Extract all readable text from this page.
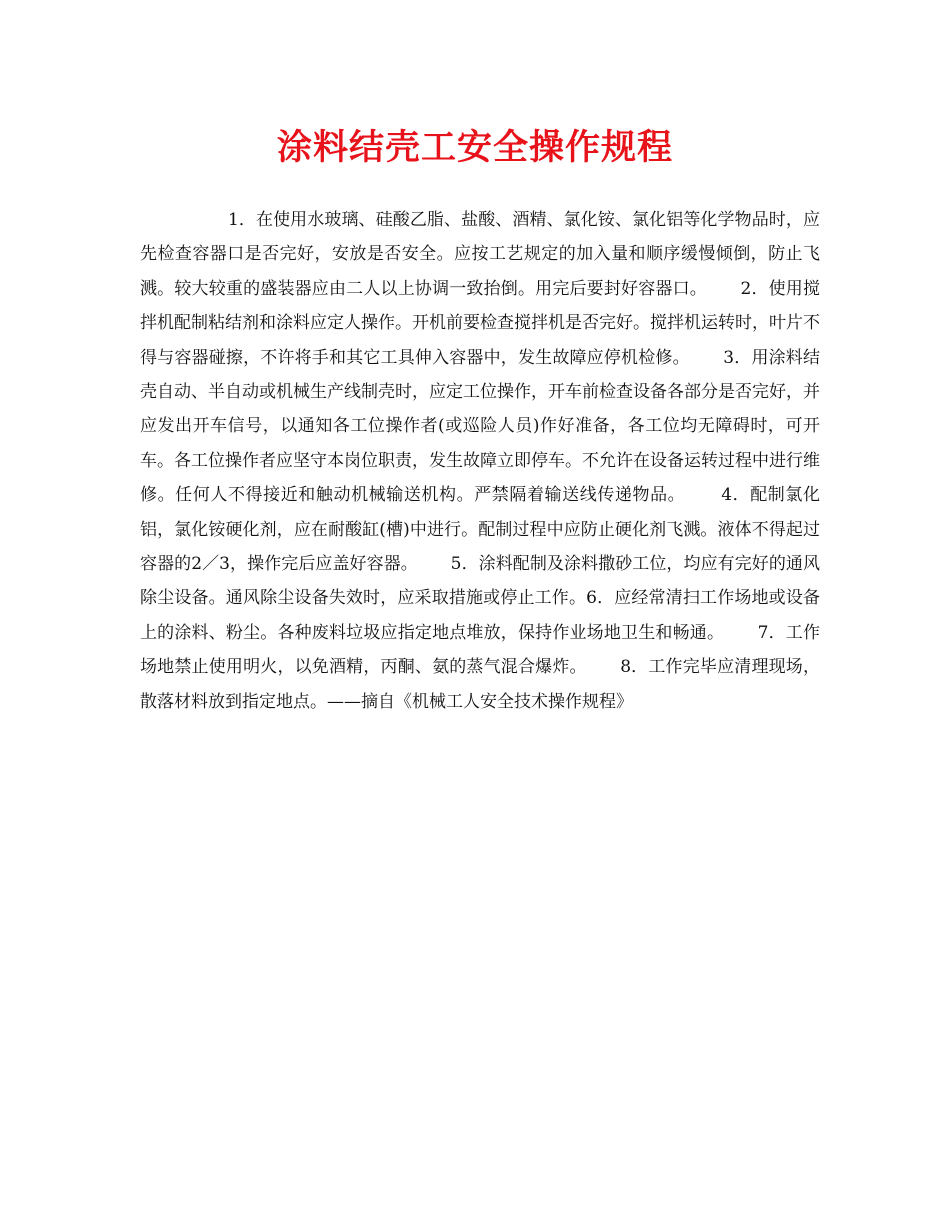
涂料结壳工安全操作规程

1．在使用水玻璃、硅酸乙脂、盐酸、酒精、氯化铵、氯化铝等化学物品时，应先检查容器口是否完好，安放是否安全。应按工艺规定的加入量和顺序缓慢倾倒，防止飞溅。较大较重的盛装器应由二人以上协调一致抬倒。用完后要封好容器口。      2．使用搅拌机配制粘结剂和涂料应定人操作。开机前要检查搅拌机是否完好。搅拌机运转时，叶片不得与容器碰擦，不许将手和其它工具伸入容器中，发生故障应停机检修。      3．用涂料结壳自动、半自动或机械生产线制壳时，应定工位操作，开车前检查设备各部分是否完好，并应发出开车信号，以通知各工位操作者(或巡险人员)作好准备，各工位均无障碍时，可开车。各工位操作者应坚守本岗位职责，发生故障立即停车。不允许在设备运转过程中进行维修。任何人不得接近和触动机械输送机构。严禁隔着输送线传递物品。      4．配制氯化铝，氯化铵硬化剂，应在耐酸缸(槽)中进行。配制过程中应防止硬化剂飞溅。液体不得起过容器的2／3，操作完后应盖好容器。      5．涂料配制及涂料撒砂工位，均应有完好的通风除尘设备。通风除尘设备失效时，应采取措施或停止工作。6．应经常清扫工作场地或设备上的涂料、粉尘。各种废料垃圾应指定地点堆放，保持作业场地卫生和畅通。      7．工作场地禁止使用明火，以免酒精，丙酮、氨的蒸气混合爆炸。      8．工作完毕应清理现场，散落材料放到指定地点。——摘自《机械工人安全技术操作规程》
